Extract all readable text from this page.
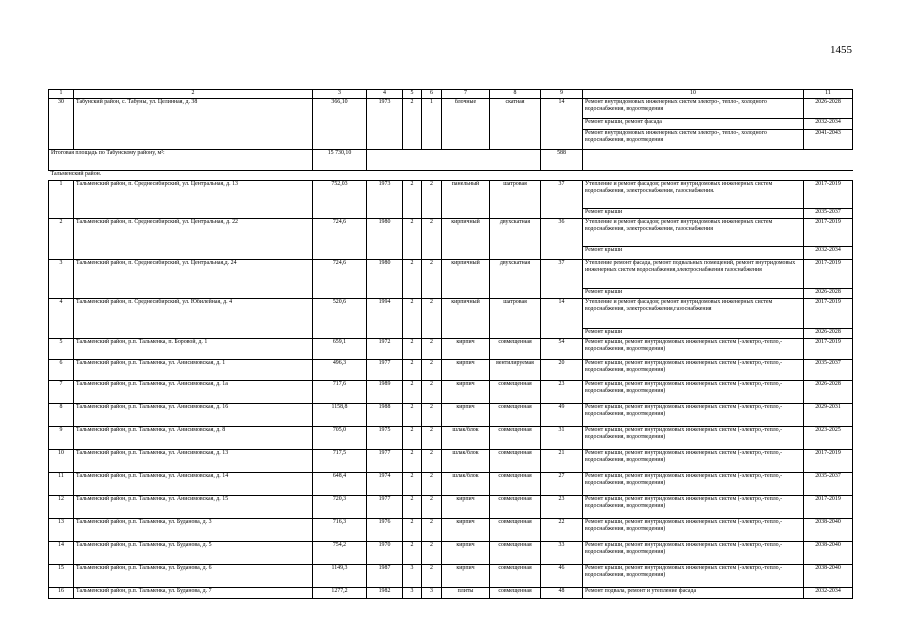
1455
1	2	3	4	5	6	7	8	9	10	11
30	Табунский район, с. Табуны, ул. Целинная, д. 38	366,10	1973	2	1	блочные	скатная	14	Ремонт внутридомовых инженерных систем электро-, тепло-, холодного водоснабжения, водоотведения	2026-2028
									Ремонт крыши, ремонт фасада	2032-2034
									Ремонт внутридомовых инженерных систем электро-, тепло-, холодного водоснабжения, водоотведения	2041-2043
Итоговая площадь по Табунскому району, м²:		15 730,10						588		
Тальменский район.										
1	Тальменский район, п. Среднесибирский, ул. Центральная, д. 13	752,03	1973	2	2	панельный	шатровая	37	Утепление и ремонт фасадов; ремонт внутридомовых инженерных систем водоснабжения, электроснабжения, газоснабжения.	2017-2019
									Ремонт крыши	2035-2037
2	Тальменский район, п. Среднесибирский, ул. Центральная, д. 22	724,6	1980	2	2	кирпичный	двухскатная	36	Утепление и ремонт фасадов; ремонт внутридомовых инженерных систем водоснабжения, электроснабжения, газоснабжения	2017-2019
									Ремонт крыши	2032-2034
3	Тальменский район, п. Среднесибирский, ул. Центральная,д. 24	724,6	1980	2	2	кирпичный	двухскатная	37	Утепление ремонт фасада, ремонт подвальных помещений, ремонт внутридомовых инженерных систем водоснабжения,электроснабжения газоснабжения	2017-2019
									Ремонт крыши	2026-2028
4	Тальменский район, п. Среднесибирский, ул. Юбилейная, д. 4	520,6	1994	2	2	кирпичный	шатровая	14	Утепление и ремонт фасадов; ремонт внутридомовых инженерных систем водоснабжения, электроснабжения,газоснабжения	2017-2019
									Ремонт крыши	2026-2028
5	Тальменский район, р.п. Тальменка, п. Боровой, д. 1	659,1	1972	2	2	кирпич	совмещенная	54	Ремонт крыши, ремонт внутридомовых инженерных систем (-электро,-тепло,- водоснабжения, водоотведения)	2017-2019
6	Тальменский район, р.п. Тальменка, ул. Анисимовская, д. 1	496,3	1977	2	2	кирпич	вентилируемая	20	Ремонт крыши, ремонт внутридомовых инженерных систем (-электро,-тепло,- водоснабжения, водоотведения)	2035-2037
7	Тальменский район, р.п. Тальменка, ул. Анисимовская, д. 1а	717,6	1989	2	2	кирпич	совмещенная	23	Ремонт крыши, ремонт внутридомовых инженерных систем (-электро,-тепло,- водоснабжения, водоотведения)	2026-2028
8	Тальменский район, р.п. Тальменка, ул. Анисимовская, д. 16	1158,8	1988	2	2	кирпич	совмещенная	49	Ремонт крыши, ремонт внутридомовых инженерных систем (-электро,-тепло,- водоснабжения, водоотведения)	2029-2031
9	Тальменский район, р.п. Тальменка, ул. Анисимовская, д. 8	705,0	1975	2	2	шлак/блок	совмещенная	31	Ремонт крыши, ремонт внутридомовых инженерных систем (-электро,-тепло,- водоснабжения, водоотведения)	2023-2025
10	Тальменский район, р.п. Тальменка, ул. Анисимовская, д. 13	717,5	1977	2	2	шлак/блок	совмещенная	21	Ремонт крыши, ремонт внутридомовых инженерных систем (-электро,-тепло,- водоснабжения, водоотведения)	2017-2019
11	Тальменский район, р.п. Тальменка, ул. Анисимовская, д. 14	648,4	1974	2	2	шлак/блок	совмещенная	27	Ремонт крыши, ремонт внутридомовых инженерных систем (-электро,-тепло,- водоснабжения, водоотведения)	2035-2037
12	Тальменский район, р.п. Тальменка, ул. Анисимовская, д. 15	720,3	1977	2	2	кирпич	совмещенная	23	Ремонт крыши, ремонт внутридомовых инженерных систем (-электро,-тепло,- водоснабжения, водоотведения)	2017-2019
13	Тальменский район, р.п. Тальменка, ул. Буданова, д. 3	716,3	1976	2	2	кирпич	совмещенная	22	Ремонт крыши, ремонт внутридомовых инженерных систем (-электро,-тепло,- водоснабжения, водоотведения)	2038-2040
14	Тальменский район, р.п. Тальменка, ул. Буданова, д. 5	754,2	1970	2	2	кирпич	совмещенная	33	Ремонт крыши, ремонт внутридомовых инженерных систем (-электро,-тепло,- водоснабжения, водоотведения)	2038-2040
15	Тальменский район, р.п. Тальменка, ул. Буданова, д. 6	1149,3	1987	3	2	кирпич	совмещенная	46	Ремонт крыши, ремонт внутридомовых инженерных систем (-электро,-тепло,- водоснабжения, водоотведения)	2038-2040
16	Тальменский район, р.п. Тальменка, ул. Буданова, д. 7	1277,2	1982	3	3	плиты	совмещенная	48	Ремонт подвала, ремонт и утепление фасада	2032-2034
